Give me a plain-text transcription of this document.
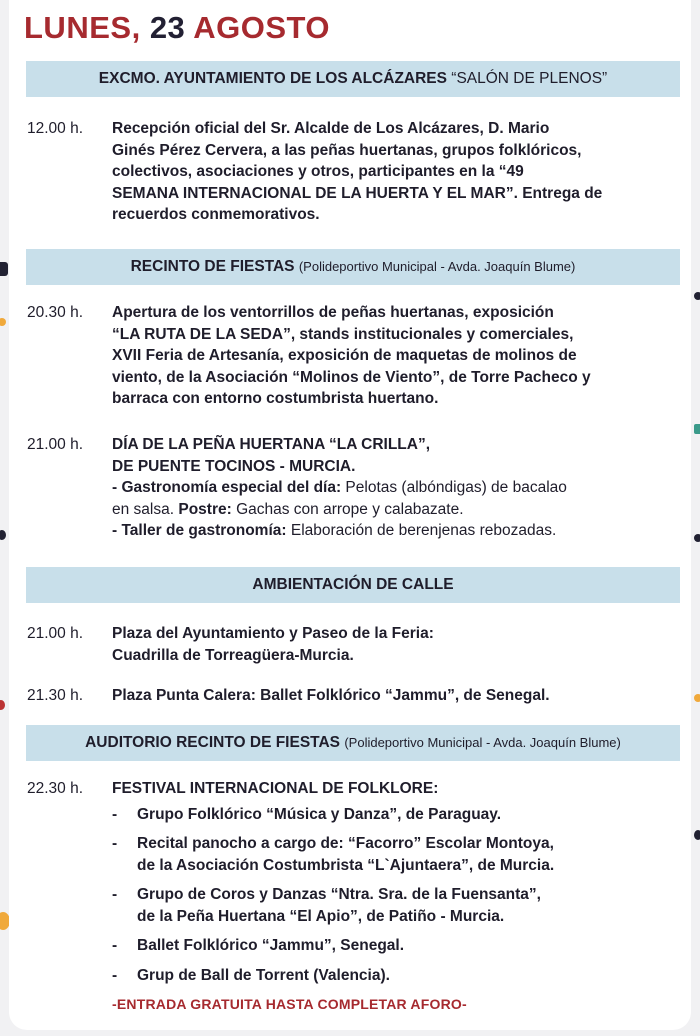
LUNES, 23 AGOSTO
EXCMO. AYUNTAMIENTO DE LOS ALCÁZARES “SALÓN DE PLENOS”
12.00 h.	Recepción oficial del Sr. Alcalde de Los Alcázares, D. Mario
Ginés Pérez Cervera, a las peñas huertanas, grupos folklóricos,
colectivos, asociaciones y otros, participantes en la “49
SEMANA INTERNACIONAL DE LA HUERTA Y EL MAR”. Entrega de
recuerdos conmemorativos.
RECINTO DE FIESTAS (Polideportivo Municipal - Avda. Joaquín Blume)
20.30 h.	Apertura de los ventorrillos de peñas huertanas, exposición
“LA RUTA DE LA SEDA”, stands institucionales y comerciales,
XVII Feria de Artesanía, exposición de maquetas de molinos de
viento, de la Asociación “Molinos de Viento”, de Torre Pacheco y
barraca con entorno costumbrista huertano.
21.00 h.	DÍA DE LA PEÑA HUERTANA “LA CRILLA”,
DE PUENTE TOCINOS - MURCIA.
- Gastronomía especial del día: Pelotas (albóndigas) de bacalao
en salsa. Postre: Gachas con arrope y calabazate.
- Taller de gastronomía: Elaboración de berenjenas rebozadas.
AMBIENTACIÓN DE CALLE
21.00 h.	Plaza del Ayuntamiento y Paseo de la Feria:
Cuadrilla de Torreagüera-Murcia.
21.30 h.	Plaza Punta Calera: Ballet Folklórico “Jammu”, de Senegal.
AUDITORIO RECINTO DE FIESTAS (Polideportivo Municipal - Avda. Joaquín Blume)
22.30 h.	FESTIVAL INTERNACIONAL DE FOLKLORE:
- Grupo Folklórico “Música y Danza”, de Paraguay.
- Recital panocho a cargo de: “Facorro” Escolar Montoya,
de la Asociación Costumbrista “L`Ajuntaera”, de Murcia.
- Grupo de Coros y Danzas “Ntra. Sra. de la Fuensanta”,
de la Peña Huertana “El Apio”, de Patiño - Murcia.
- Ballet Folklórico “Jammu”, Senegal.
- Grup de Ball de Torrent (Valencia).
-ENTRADA GRATUITA HASTA COMPLETAR AFORO-
